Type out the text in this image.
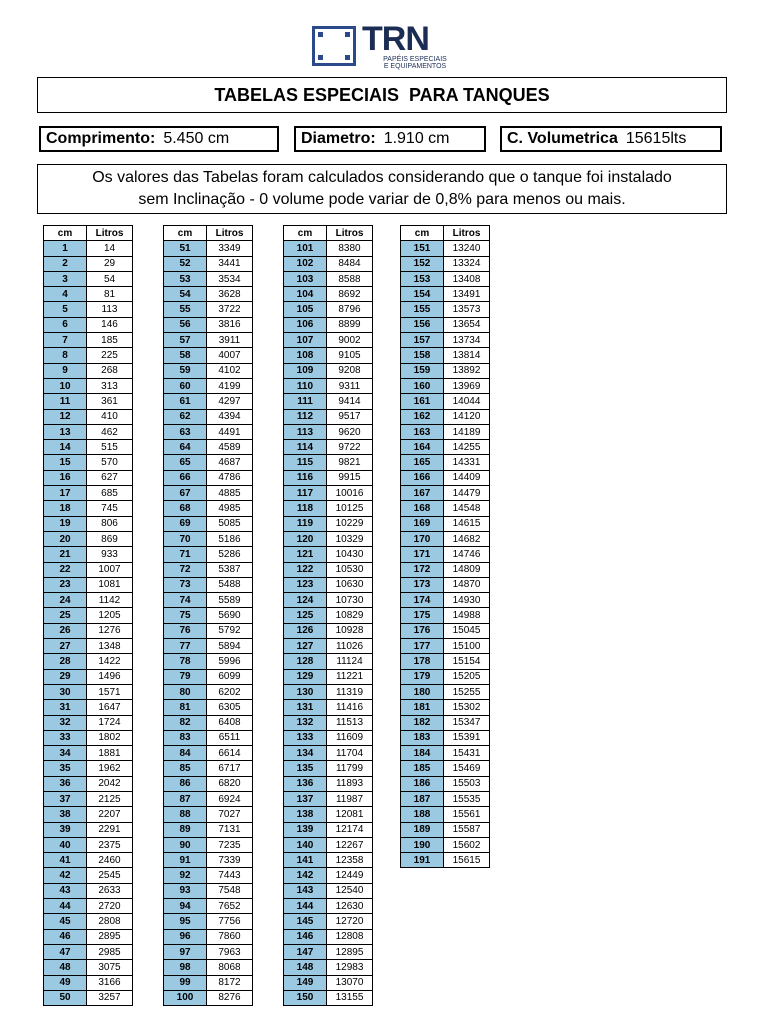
TRN
PAPÉIS ESPECIAIS E EQUIPAMENTOS
TABELAS ESPECIAIS  PARA TANQUES
Comprimento: 5.450 cm	Diametro: 1.910 cm	C. Volumetrica 15615lts
Os valores das Tabelas foram calculados considerando que o tanque foi instalado
sem Inclinação - 0 volume pode variar de 0,8% para menos ou mais.
cm	Litros
1	14
2	29
3	54
4	81
5	113
6	146
7	185
8	225
9	268
10	313
11	361
12	410
13	462
14	515
15	570
16	627
17	685
18	745
19	806
20	869
21	933
22	1007
23	1081
24	1142
25	1205
26	1276
27	1348
28	1422
29	1496
30	1571
31	1647
32	1724
33	1802
34	1881
35	1962
36	2042
37	2125
38	2207
39	2291
40	2375
41	2460
42	2545
43	2633
44	2720
45	2808
46	2895
47	2985
48	3075
49	3166
50	3257
cm	Litros
51	3349
52	3441
53	3534
54	3628
55	3722
56	3816
57	3911
58	4007
59	4102
60	4199
61	4297
62	4394
63	4491
64	4589
65	4687
66	4786
67	4885
68	4985
69	5085
70	5186
71	5286
72	5387
73	5488
74	5589
75	5690
76	5792
77	5894
78	5996
79	6099
80	6202
81	6305
82	6408
83	6511
84	6614
85	6717
86	6820
87	6924
88	7027
89	7131
90	7235
91	7339
92	7443
93	7548
94	7652
95	7756
96	7860
97	7963
98	8068
99	8172
100	8276
cm	Litros
101	8380
102	8484
103	8588
104	8692
105	8796
106	8899
107	9002
108	9105
109	9208
110	9311
111	9414
112	9517
113	9620
114	9722
115	9821
116	9915
117	10016
118	10125
119	10229
120	10329
121	10430
122	10530
123	10630
124	10730
125	10829
126	10928
127	11026
128	11124
129	11221
130	11319
131	11416
132	11513
133	11609
134	11704
135	11799
136	11893
137	11987
138	12081
139	12174
140	12267
141	12358
142	12449
143	12540
144	12630
145	12720
146	12808
147	12895
148	12983
149	13070
150	13155
cm	Litros
151	13240
152	13324
153	13408
154	13491
155	13573
156	13654
157	13734
158	13814
159	13892
160	13969
161	14044
162	14120
163	14189
164	14255
165	14331
166	14409
167	14479
168	14548
169	14615
170	14682
171	14746
172	14809
173	14870
174	14930
175	14988
176	15045
177	15100
178	15154
179	15205
180	15255
181	15302
182	15347
183	15391
184	15431
185	15469
186	15503
187	15535
188	15561
189	15587
190	15602
191	15615
